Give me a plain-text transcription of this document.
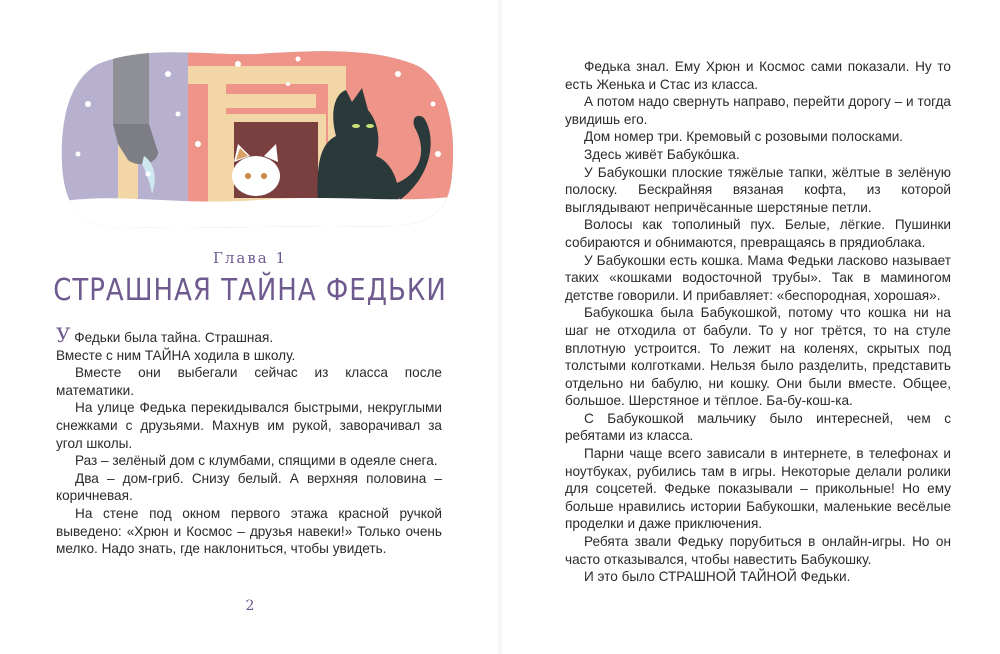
Глава 1
СТРАШНАЯ ТАЙНА ФЕДЬКИ

У Федьки была тайна. Страшная.

Вместе с ним ТАЙНА ходила в школу.

Вместе они выбегали сейчас из класса после математики.

На улице Федька перекидывался быстрыми, некруглыми снежками с друзьями. Махнув им рукой, заворачивал за угол школы.

Раз – зелёный дом с клумбами, спящими в одеяле снега.

Два – дом-гриб. Снизу белый. А верхняя половина – коричневая.

На стене под окном первого этажа красной ручкой выведено: «Хрюн и Космос – друзья навеки!» Только очень мелко. Надо знать, где наклониться, чтобы увидеть.

2

Федька знал. Ему Хрюн и Космос сами показали. Ну то есть Женька и Стас из класса.

А потом надо свернуть направо, перейти дорогу – и тогда увидишь его.

Дом номер три. Кремовый с розовыми полосками.

Здесь живёт Бабукóшка.

У Бабукошки плоские тяжёлые тапки, жёлтые в зелёную полоску. Бескрайняя вязаная кофта, из которой выглядывают непричёсанные шерстяные петли.

Волосы как тополиный пух. Белые, лёгкие. Пушинки собираются и обнимаются, превращаясь в прядиоблака.

У Бабукошки есть кошка. Мама Федьки ласково называет таких «кошками водосточной трубы». Так в маминогом детстве говорили. И прибавляет: «беспородная, хорошая».

Бабукошка была Бабукошкой, потому что кошка ни на шаг не отходила от бабули. То у ног трётся, то на стуле вплотную устроится. То лежит на коленях, скрытых под толстыми колготками. Нельзя было разделить, представить отдельно ни бабулю, ни кошку. Они были вместе. Общее, большое. Шерстяное и тёплое. Ба-бу-кош-ка.

С Бабукошкой мальчику было интересней, чем с ребятами из класса.

Парни чаще всего зависали в интернете, в телефонах и ноутбуках, рубились там в игры. Некоторые делали ролики для соцсетей. Федьке показывали – прикольные! Но ему больше нравились истории Бабукошки, маленькие весёлые проделки и даже приключения.

Ребята звали Федьку порубиться в онлайн-игры. Но он часто отказывался, чтобы навестить Бабукошку.

И это было СТРАШНОЙ ТАЙНОЙ Федьки.
